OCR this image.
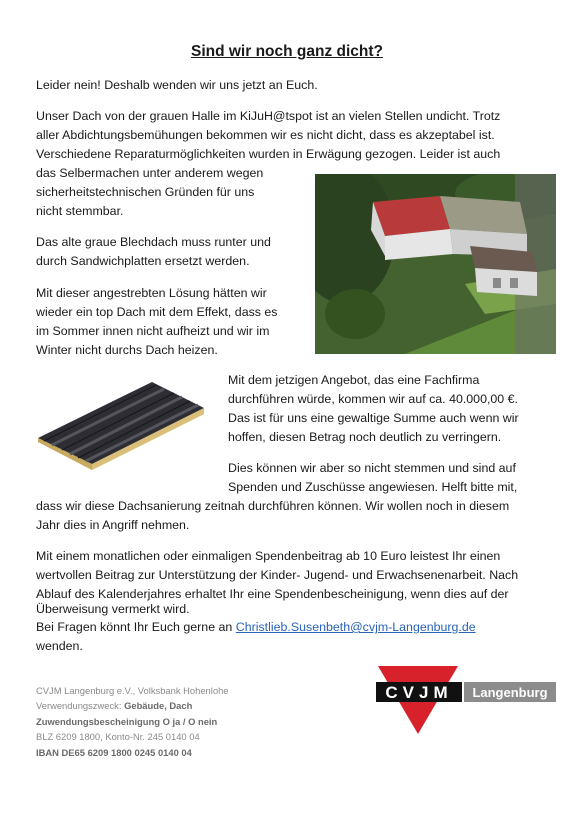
Sind wir noch ganz dicht?
Leider nein! Deshalb wenden wir uns jetzt an Euch.
Unser Dach von der grauen Halle im KiJuH@tspot ist an vielen Stellen undicht. Trotz
aller Abdichtungsbemühungen bekommen wir es nicht dicht, dass es akzeptabel ist.
Verschiedene Reparaturmöglichkeiten wurden in Erwägung gezogen. Leider ist auch
das Selbermachen unter anderem wegen
sicherheitstechnischen Gründen für uns
nicht stemmbar.
Das alte graue Blechdach muss runter und
durch Sandwichplatten ersetzt werden.
Mit dieser angestrebten Lösung hätten wir
wieder ein top Dach mit dem Effekt, dass es
im Sommer innen nicht aufheizt und wir im
Winter nicht durchs Dach heizen.
Mit dem jetzigen Angebot, das eine Fachfirma
durchführen würde, kommen wir auf ca. 40.000,00 €.
Das ist für uns eine gewaltige Summe auch wenn wir
hoffen, diesen Betrag noch deutlich zu verringern.
Dies können wir aber so nicht stemmen und sind auf
Spenden und Zuschüsse angewiesen. Helft bitte mit,
dass wir diese Dachsanierung zeitnah durchführen können. Wir wollen noch in diesem
Jahr dies in Angriff nehmen.
Mit einem monatlichen oder einmaligen Spendenbeitrag ab 10 Euro leistest Ihr einen
wertvollen Beitrag zur Unterstützung der Kinder- Jugend- und Erwachsenenarbeit. Nach
Ablauf des Kalenderjahres erhaltet Ihr eine Spendenbescheinigung, wenn dies auf der
Überweisung vermerkt wird.
Bei Fragen könnt Ihr Euch gerne an Christlieb.Susenbeth@cvjm-Langenburg.de
wenden.
CVJM Langenburg e.V., Volksbank Hohenlohe
Verwendungszweck: Gebäude, Dach
Zuwendungsbescheinigung O ja / O nein
BLZ 6209 1800, Konto-Nr. 245 0140 04
IBAN DE65 6209 1800 0245 0140 04
CVJM Langenburg
